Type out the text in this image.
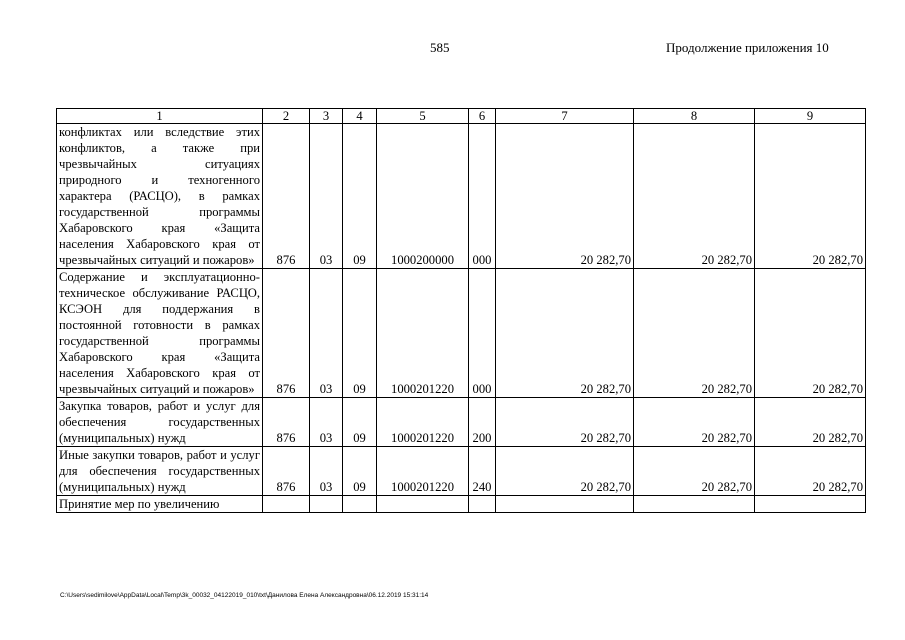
585	Продолжение приложения 10
1	2	3	4	5	6	7	8	9
конфликтах или вследствие этих конфликтов, а также при чрезвычайных ситуациях природного и техногенного характера (РАСЦО), в рамках государственной программы Хабаровского края «Защита населения Хабаровского края от чрезвычайных ситуаций и пожаров»	876	03	09	1000200000	000	20 282,70	20 282,70	20 282,70
Содержание и эксплуатационно-техническое обслуживание РАСЦО, КСЭОН для поддержания в постоянной готовности в рамках государственной программы Хабаровского края «Защита населения Хабаровского края от чрезвычайных ситуаций и пожаров»	876	03	09	1000201220	000	20 282,70	20 282,70	20 282,70
Закупка товаров, работ и услуг для обеспечения государственных (муниципальных) нужд	876	03	09	1000201220	200	20 282,70	20 282,70	20 282,70
Иные закупки товаров, работ и услуг для обеспечения государственных (муниципальных) нужд	876	03	09	1000201220	240	20 282,70	20 282,70	20 282,70
Принятие мер по увеличению								
C:\Users\sedimilove\AppData\Local\Temp\3k_00032_04122019_010\txt\Данилова Елена Александровна\06.12.2019 15:31:14
